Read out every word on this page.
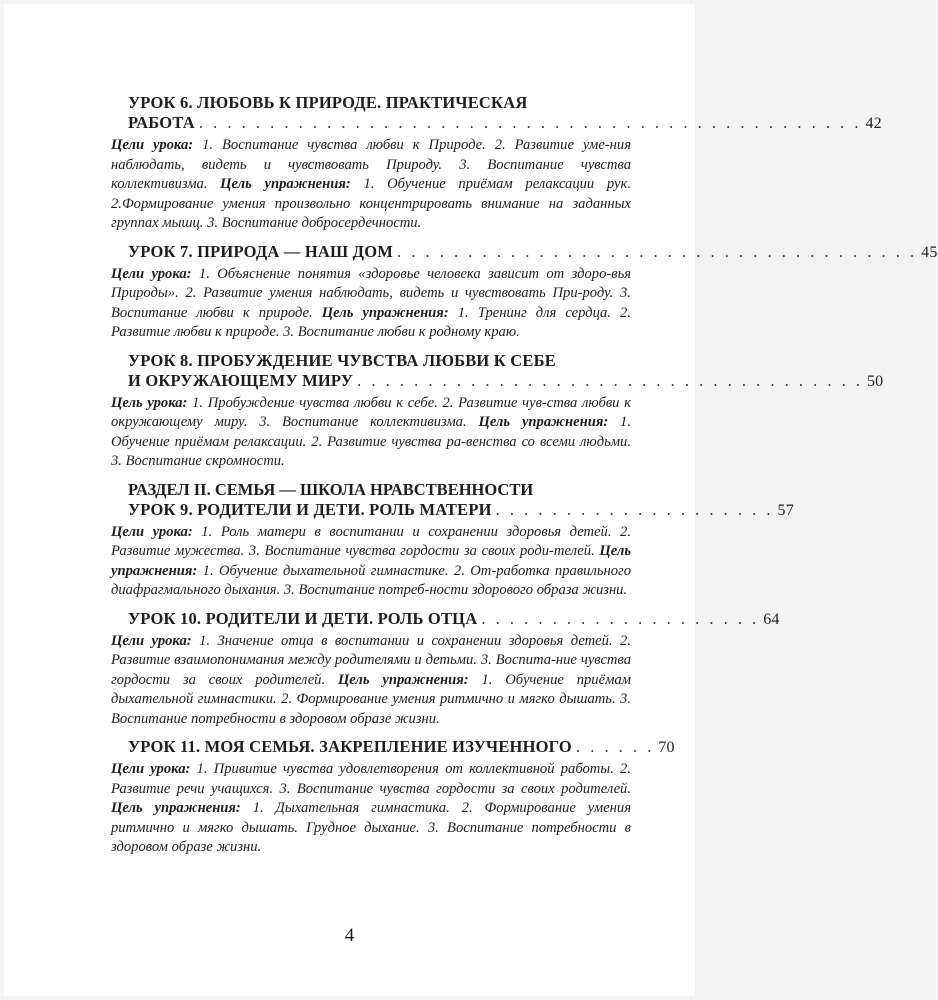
УРОК 6. ЛЮБОВЬ К ПРИРОДЕ. ПРАКТИЧЕСКАЯ
РАБОТА . . . . . . . . . . . . . . . . . . . . . . . . . . . . . . . . . . . . . . . . . . . . . . . 42
Цели урока: 1. Воспитание чувства любви к Природе. 2. Развитие уме-ния наблюдать, видеть и чувствовать Природу. 3. Воспитание чувства коллективизма. Цель упражнения: 1. Обучение приёмам релаксации рук. 2.Формирование умения произвольно концентрировать внимание на заданных группах мышц. 3. Воспитание добросердечности.
УРОК 7. ПРИРОДА — НАШ ДОМ . . . . . . . . . . . . . . . . . . . . . . . . . . . . . . . . . . . . . 45
Цели урока: 1. Объяснение понятия «здоровье человека зависит от здоро-вья Природы». 2. Развитие умения наблюдать, видеть и чувствовать При-роду. 3. Воспитание любви к природе. Цель упражнения: 1. Тренинг для сердца. 2. Развитие любви к природе. 3. Воспитание любви к родному краю.
УРОК 8. ПРОБУЖДЕНИЕ ЧУВСТВА ЛЮБВИ К СЕБЕ
И ОКРУЖАЮЩЕМУ МИРУ . . . . . . . . . . . . . . . . . . . . . . . . . . . . . . . . . . . . 50
Цель урока: 1. Пробуждение чувства любви к себе. 2. Развитие чув-ства любви к окружающему миру. 3. Воспитание коллективизма. Цель упражнения: 1. Обучение приёмам релаксации. 2. Развитие чувства ра-венства со всеми людьми. 3. Воспитание скромности.
РАЗДЕЛ II. СЕМЬЯ — ШКОЛА НРАВСТВЕННОСТИ
УРОК 9. РОДИТЕЛИ И ДЕТИ. РОЛЬ МАТЕРИ . . . . . . . . . . . . . . . . . . . . 57
Цели урока: 1. Роль матери в воспитании и сохранении здоровья детей. 2. Развитие мужества. 3. Воспитание чувства гордости за своих роди-телей. Цель упражнения: 1. Обучение дыхательной гимнастике. 2. От-работка правильного диафрагмального дыхания. 3. Воспитание потреб-ности здорового образа жизни.
УРОК 10. РОДИТЕЛИ И ДЕТИ. РОЛЬ ОТЦА . . . . . . . . . . . . . . . . . . . . 64
Цели урока: 1. Значение отца в воспитании и сохранении здоровья детей. 2. Развитие взаимопонимания между родителями и детьми. 3. Воспита-ние чувства гордости за своих родителей. Цель упражнения: 1. Обучение приёмам дыхательной гимнастики. 2. Формирование умения ритмично и мягко дышать. 3. Воспитание потребности в здоровом образе жизни.
УРОК 11. МОЯ СЕМЬЯ. ЗАКРЕПЛЕНИЕ ИЗУЧЕННОГО . . . . . . 70
Цели урока: 1. Привитие чувства удовлетворения от коллективной работы. 2. Развитие речи учащихся. 3. Воспитание чувства гордости за своих родителей. Цель упражнения: 1. Дыхательная гимнастика. 2. Формирование умения ритмично и мягко дышать. Грудное дыхание. 3. Воспитание потребности в здоровом образе жизни.
4
